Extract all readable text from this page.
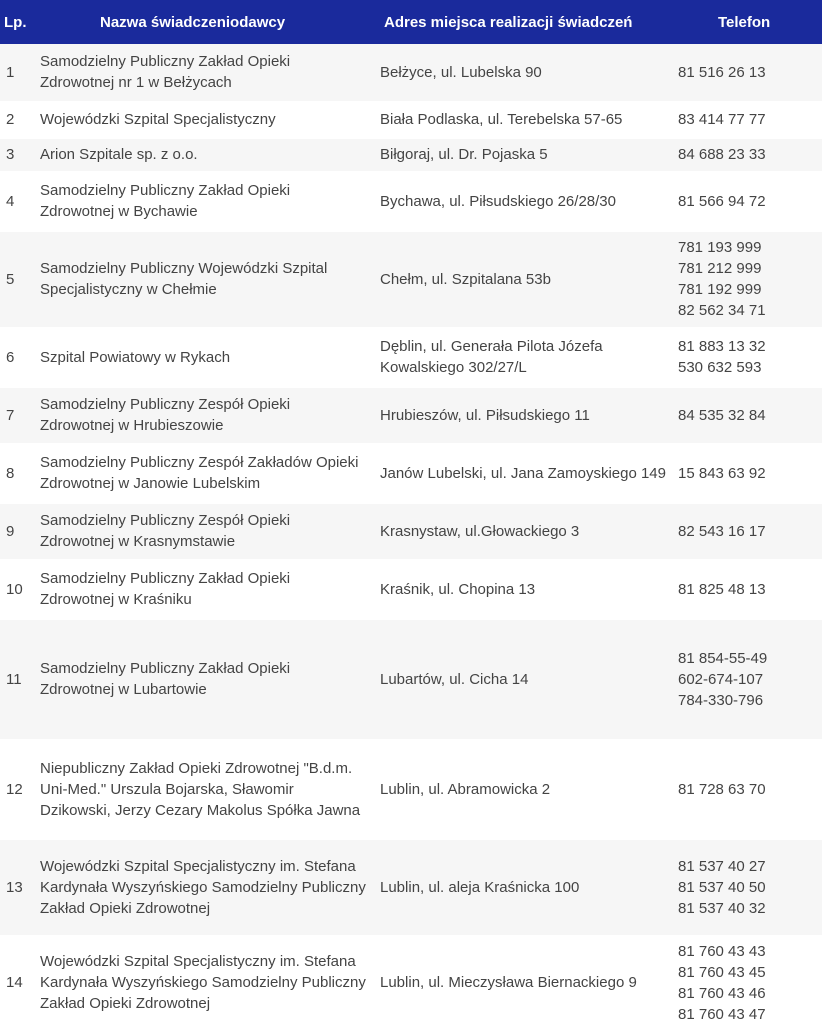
Lp.	Nazwa świadczeniodawcy	Adres miejsca realizacji świadczeń	Telefon
1	Samodzielny Publiczny Zakład Opieki Zdrowotnej nr 1 w Bełżycach	Bełżyce, ul. Lubelska 90	81 516 26 13

2	Wojewódzki Szpital Specjalistyczny	Biała Podlaska, ul. Terebelska 57-65	83 414 77 77

3	Arion Szpitale sp. z o.o.	Biłgoraj, ul. Dr. Pojaska 5	84 688 23 33

4	Samodzielny Publiczny Zakład Opieki Zdrowotnej w Bychawie	Bychawa, ul. Piłsudskiego 26/28/30	81 566 94 72

5	Samodzielny Publiczny Wojewódzki Szpital Specjalistyczny w Chełmie	Chełm, ul. Szpitalana 53b	781 193 999
781 212 999
781 192 999
82 562 34 71

6	Szpital Powiatowy w Rykach	Dęblin, ul. Generała Pilota Józefa Kowalskiego 302/27/L	81 883 13 32
530 632 593

7	Samodzielny Publiczny Zespół Opieki Zdrowotnej w Hrubieszowie	Hrubieszów, ul. Piłsudskiego 11	84 535 32 84

8	Samodzielny Publiczny Zespół Zakładów Opieki Zdrowotnej w Janowie Lubelskim	Janów Lubelski, ul. Jana Zamoyskiego 149	15 843 63 92

9	Samodzielny Publiczny Zespół Opieki Zdrowotnej w Krasnymstawie	Krasnystaw, ul.Głowackiego 3	82 543 16 17

10	Samodzielny Publiczny Zakład Opieki Zdrowotnej w Kraśniku	Kraśnik, ul. Chopina 13	81 825 48 13

11	Samodzielny Publiczny Zakład Opieki Zdrowotnej w Lubartowie	Lubartów, ul. Cicha 14	81 854-55-49
602-674-107
784-330-796

12	Niepubliczny Zakład Opieki Zdrowotnej "B.d.m. Uni-Med." Urszula Bojarska, Sławomir Dzikowski, Jerzy Cezary Makolus Spółka Jawna	Lublin, ul. Abramowicka 2	81 728 63 70

13	Wojewódzki Szpital Specjalistyczny im. Stefana Kardynała Wyszyńskiego Samodzielny Publiczny Zakład Opieki Zdrowotnej	Lublin, ul. aleja Kraśnicka 100	81 537 40 27
81 537 40 50
81 537 40 32

14	Wojewódzki Szpital Specjalistyczny im. Stefana Kardynała Wyszyńskiego Samodzielny Publiczny Zakład Opieki Zdrowotnej	Lublin, ul. Mieczysława Biernackiego 9	81 760 43 43
81 760 43 45
81 760 43 46
81 760 43 47
